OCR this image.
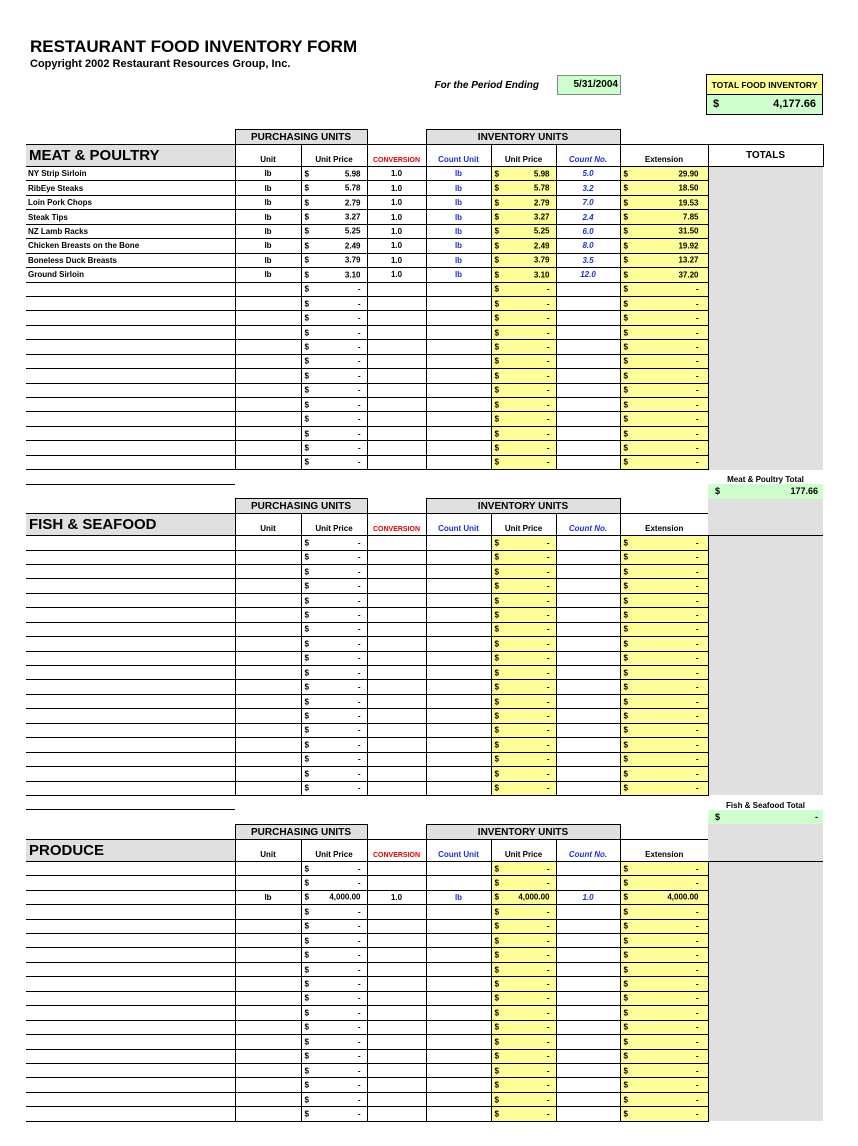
RESTAURANT FOOD INVENTORY FORM
Copyright 2002 Restaurant Resources Group, Inc.
For the Period Ending	5/31/2004	TOTAL FOOD INVENTORY
$	4,177.66
	PURCHASING UNITS			INVENTORY UNITS				
MEAT & POULTRY	Unit	Unit Price	CONVERSION	Count Unit	Unit Price	Count No.	Extension	TOTALS
NY Strip Sirloin	lb	$ 5.98	1.0	lb	$ 5.98	5.0	$ 29.90	

RibEye Steaks	lb	$ 5.78	1.0	lb	$ 5.78	3.2	$ 18.50	

Loin Pork Chops	lb	$ 2.79	1.0	lb	$ 2.79	7.0	$ 19.53	

Steak Tips	lb	$ 3.27	1.0	lb	$ 3.27	2.4	$ 7.85	

NZ Lamb Racks	lb	$ 5.25	1.0	lb	$ 5.25	6.0	$ 31.50	

Chicken Breasts on the Bone	lb	$ 2.49	1.0	lb	$ 2.49	8.0	$ 19.92	

Boneless Duck Breasts	lb	$ 3.79	1.0	lb	$ 3.79	3.5	$ 13.27	

Ground Sirloin	lb	$ 3.10	1.0	lb	$ 3.10	12.0	$ 37.20	

		$ -			$ -		$ -	

		$ -			$ -		$ -	

		$ -			$ -		$ -	

		$ -			$ -		$ -	

		$ -			$ -		$ -	

		$ -			$ -		$ -	

		$ -			$ -		$ -	

		$ -			$ -		$ -	

		$ -			$ -		$ -	

		$ -			$ -		$ -	

		$ -			$ -		$ -	

		$ -			$ -		$ -	

		$ -			$ -		$ -	

								Meat & Poultry Total

								$ 177.66

	PURCHASING UNITS			INVENTORY UNITS				
FISH & SEAFOOD	Unit	Unit Price	CONVERSION	Count Unit	Unit Price	Count No.	Extension	

		$ -			$ -		$ -	

		$ -			$ -		$ -	

		$ -			$ -		$ -	

		$ -			$ -		$ -	

		$ -			$ -		$ -	

		$ -			$ -		$ -	

		$ -			$ -		$ -	

		$ -			$ -		$ -	

		$ -			$ -		$ -	

		$ -			$ -		$ -	

		$ -			$ -		$ -	

		$ -			$ -		$ -	

		$ -			$ -		$ -	

		$ -			$ -		$ -	

		$ -			$ -		$ -	

		$ -			$ -		$ -	

		$ -			$ -		$ -	

		$ -			$ -		$ -	

								Fish & Seafood Total

								$ -

	PURCHASING UNITS			INVENTORY UNITS				
PRODUCE	Unit	Unit Price	CONVERSION	Count Unit	Unit Price	Count No.	Extension	

		$ -			$ -		$ -	

		$ -			$ -		$ -	

	lb	$ 4,000.00	1.0	lb	$ 4,000.00	1.0	$ 4,000.00	

		$ -			$ -		$ -	

		$ -			$ -		$ -	

		$ -			$ -		$ -	

		$ -			$ -		$ -	

		$ -			$ -		$ -	

		$ -			$ -		$ -	

		$ -			$ -		$ -	

		$ -			$ -		$ -	

		$ -			$ -		$ -	

		$ -			$ -		$ -	

		$ -			$ -		$ -	

		$ -			$ -		$ -	

		$ -			$ -		$ -	

		$ -			$ -		$ -	

		$ -			$ -		$ -	
